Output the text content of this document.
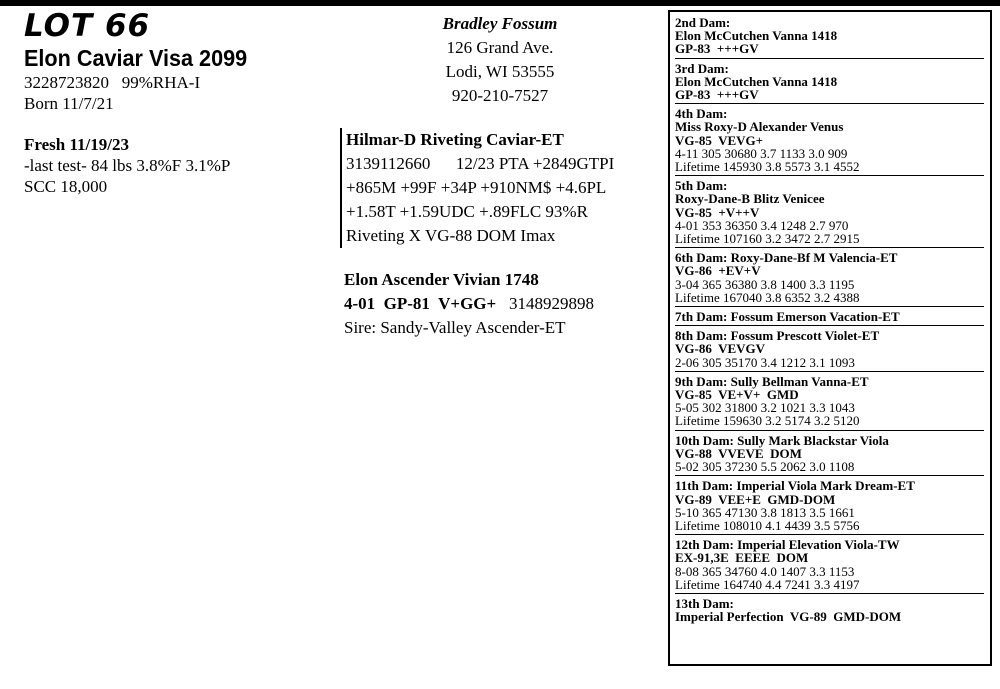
LOT 66
Elon Caviar Visa 2099
3228723820   99%RHA-I
Born 11/7/21
Fresh 11/19/23
-last test- 84 lbs 3.8%F 3.1%P
SCC 18,000
Bradley Fossum
126 Grand Ave.
Lodi, WI 53555
920-210-7527
Hilmar-D Riveting Caviar-ET
3139112660      12/23 PTA +2849GTPI
+865M +99F +34P +910NM$ +4.6PL
+1.58T +1.59UDC +.89FLC 93%R
Riveting X VG-88 DOM Imax
Elon Ascender Vivian 1748
4-01  GP-81  V+GG+   3148929898
Sire: Sandy-Valley Ascender-ET
2nd Dam:
Elon McCutchen Vanna 1418
GP-83  +++GV
3rd Dam:
Elon McCutchen Vanna 1418
GP-83  +++GV
4th Dam:
Miss Roxy-D Alexander Venus
VG-85  VEVG+
4-11 305 30680 3.7 1133 3.0 909
Lifetime 145930 3.8 5573 3.1 4552
5th Dam:
Roxy-Dane-B Blitz Venicee
VG-85  +V++V
4-01 353 36350 3.4 1248 2.7 970
Lifetime 107160 3.2 3472 2.7 2915
6th Dam: Roxy-Dane-Bf M Valencia-ET
VG-86  +EV+V
3-04 365 36380 3.8 1400 3.3 1195
Lifetime 167040 3.8 6352 3.2 4388
7th Dam: Fossum Emerson Vacation-ET
8th Dam: Fossum Prescott Violet-ET
VG-86  VEVGV
2-06 305 35170 3.4 1212 3.1 1093
9th Dam: Sully Bellman Vanna-ET
VG-85  VE+V+  GMD
5-05 302 31800 3.2 1021 3.3 1043
Lifetime 159630 3.2 5174 3.2 5120
10th Dam: Sully Mark Blackstar Viola
VG-88  VVEVE  DOM
5-02 305 37230 5.5 2062 3.0 1108
11th Dam: Imperial Viola Mark Dream-ET
VG-89  VEE+E  GMD-DOM
5-10 365 47130 3.8 1813 3.5 1661
Lifetime 108010 4.1 4439 3.5 5756
12th Dam: Imperial Elevation Viola-TW
EX-91,3E  EEEE  DOM
8-08 365 34760 4.0 1407 3.3 1153
Lifetime 164740 4.4 7241 3.3 4197
13th Dam:
Imperial Perfection  VG-89  GMD-DOM
